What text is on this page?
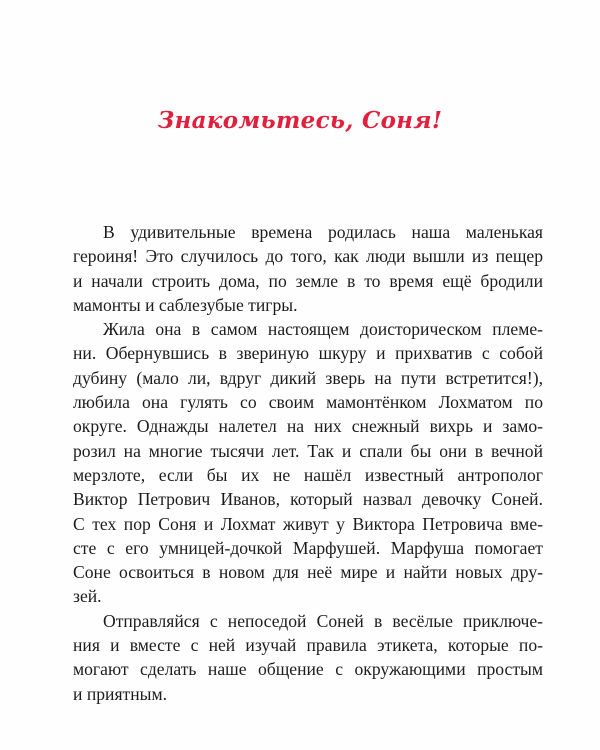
Знакомьтесь, Соня!

В удивительные времена родилась наша маленькая
героиня! Это случилось до того, как люди вышли из пещер
и начали строить дома, по земле в то время ещё бродили
мамонты и саблезубые тигры.

Жила она в самом настоящем доисторическом племе-
ни. Обернувшись в звериную шкуру и прихватив с собой
дубину (мало ли, вдруг дикий зверь на пути встретится!),
любила она гулять со своим мамонтёнком Лохматом по
округе. Однажды налетел на них снежный вихрь и замо-
розил на многие тысячи лет. Так и спали бы они в вечной
мерзлоте, если бы их не нашёл известный антрополог
Виктор Петрович Иванов, который назвал девочку Соней.
С тех пор Соня и Лохмат живут у Виктора Петровича вме-
сте с его умницей-дочкой Марфушей. Марфуша помогает
Соне освоиться в новом для неё мире и найти новых дру-
зей.

Отправляйся с непоседой Соней в весёлые приключе-
ния и вместе с ней изучай правила этикета, которые по-
могают сделать наше общение с окружающими простым
и приятным.
